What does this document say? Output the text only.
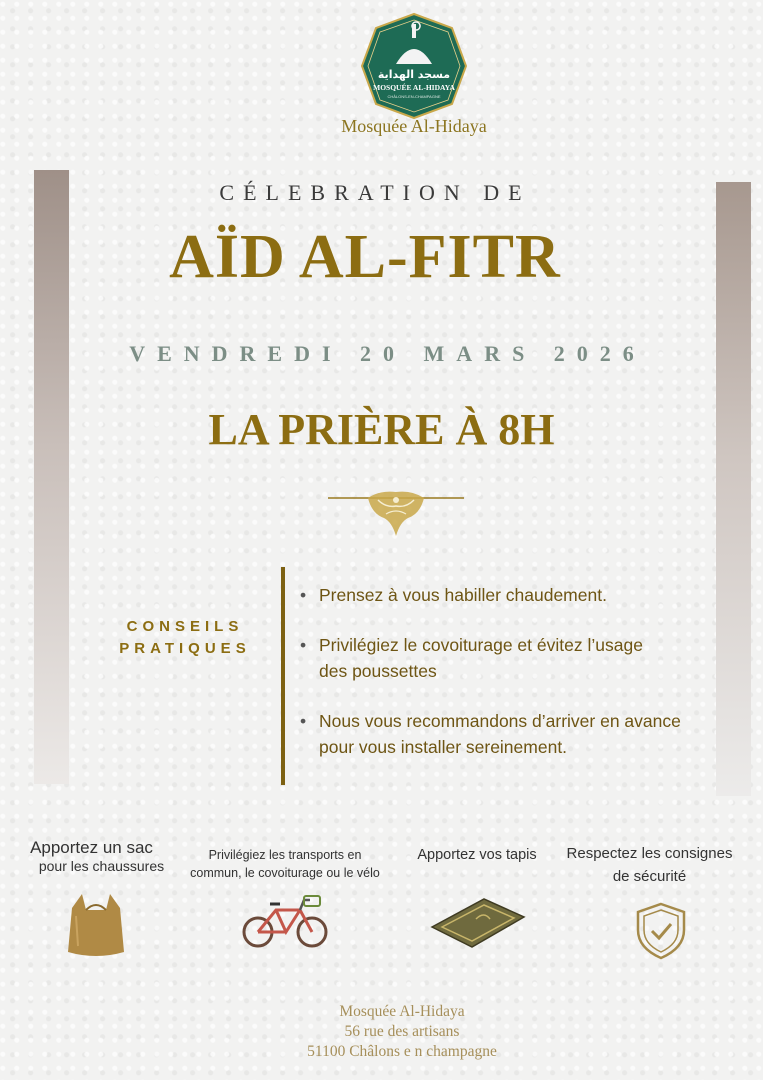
مسجد الهداية
MOSQUÉE AL-HIDAYA
CHÂLONS-EN-CHAMPAGNE
Mosquée Al-Hidaya
CÉLEBRATION DE
AÏD AL-FITR
VENDREDI 20 MARS 2026
LA PRIÈRE À 8H
CONSEILS
PRATIQUES
• Prensez à vous habiller chaudement.
• Privilégiez le covoiturage et évitez l’usage
des poussettes
• Nous vous recommandons d’arriver en avance
pour vous installer sereinement.
Apportez un sac
pour les chaussures
Privilégiez les transports en
commun, le covoiturage ou le vélo
Apportez vos tapis	Respectez les consignes
de sécurité
Mosquée Al-Hidaya
56 rue des artisans
51100 Châlons e n champagne
